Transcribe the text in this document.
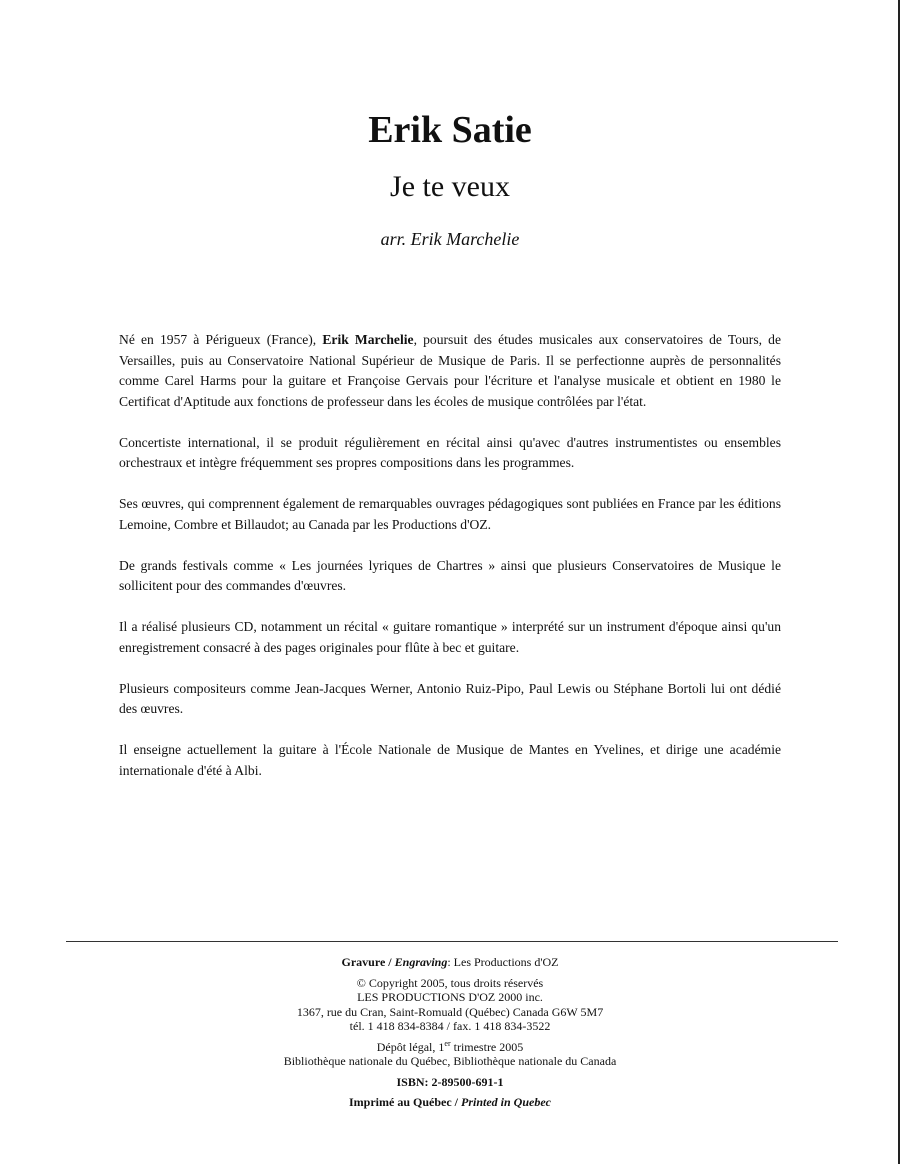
Erik Satie
Je te veux
arr. Erik Marchelie

Né en 1957 à Périgueux (France), Erik Marchelie, poursuit des études musicales aux conservatoires de Tours, de Versailles, puis au Conservatoire National Supérieur de Musique de Paris. Il se perfectionne auprès de personnalités comme Carel Harms pour la guitare et Françoise Gervais pour l'écriture et l'analyse musicale et obtient en 1980 le Certificat d'Aptitude aux fonctions de professeur dans les écoles de musique contrôlées par l'état.

Concertiste international, il se produit régulièrement en récital ainsi qu'avec d'autres instrumentistes ou ensembles orchestraux et intègre fréquemment ses propres compositions dans les programmes.

Ses œuvres, qui comprennent également de remarquables ouvrages pédagogiques sont publiées en France par les éditions Lemoine, Combre et Billaudot; au Canada par les Productions d'OZ.

De grands festivals comme « Les journées lyriques de Chartres » ainsi que plusieurs Conservatoires de Musique le sollicitent pour des commandes d'œuvres.

Il a réalisé plusieurs CD, notamment un récital « guitare romantique » interprété sur un instrument d'époque ainsi qu'un enregistrement consacré à des pages originales pour flûte à bec et guitare.

Plusieurs compositeurs comme Jean-Jacques Werner, Antonio Ruiz-Pipo, Paul Lewis ou Stéphane Bortoli lui ont dédié des œuvres.

Il enseigne actuellement la guitare à l'École Nationale de Musique de Mantes en Yvelines, et dirige une académie internationale d'été à Albi.

Gravure / Engraving: Les Productions d'OZ
© Copyright 2005, tous droits réservés
LES PRODUCTIONS D'OZ 2000 inc.
1367, rue du Cran, Saint-Romuald (Québec) Canada G6W 5M7
tél. 1 418 834-8384 / fax. 1 418 834-3522
Dépôt légal, 1er trimestre 2005
Bibliothèque nationale du Québec, Bibliothèque nationale du Canada
ISBN: 2-89500-691-1
Imprimé au Québec / Printed in Quebec
